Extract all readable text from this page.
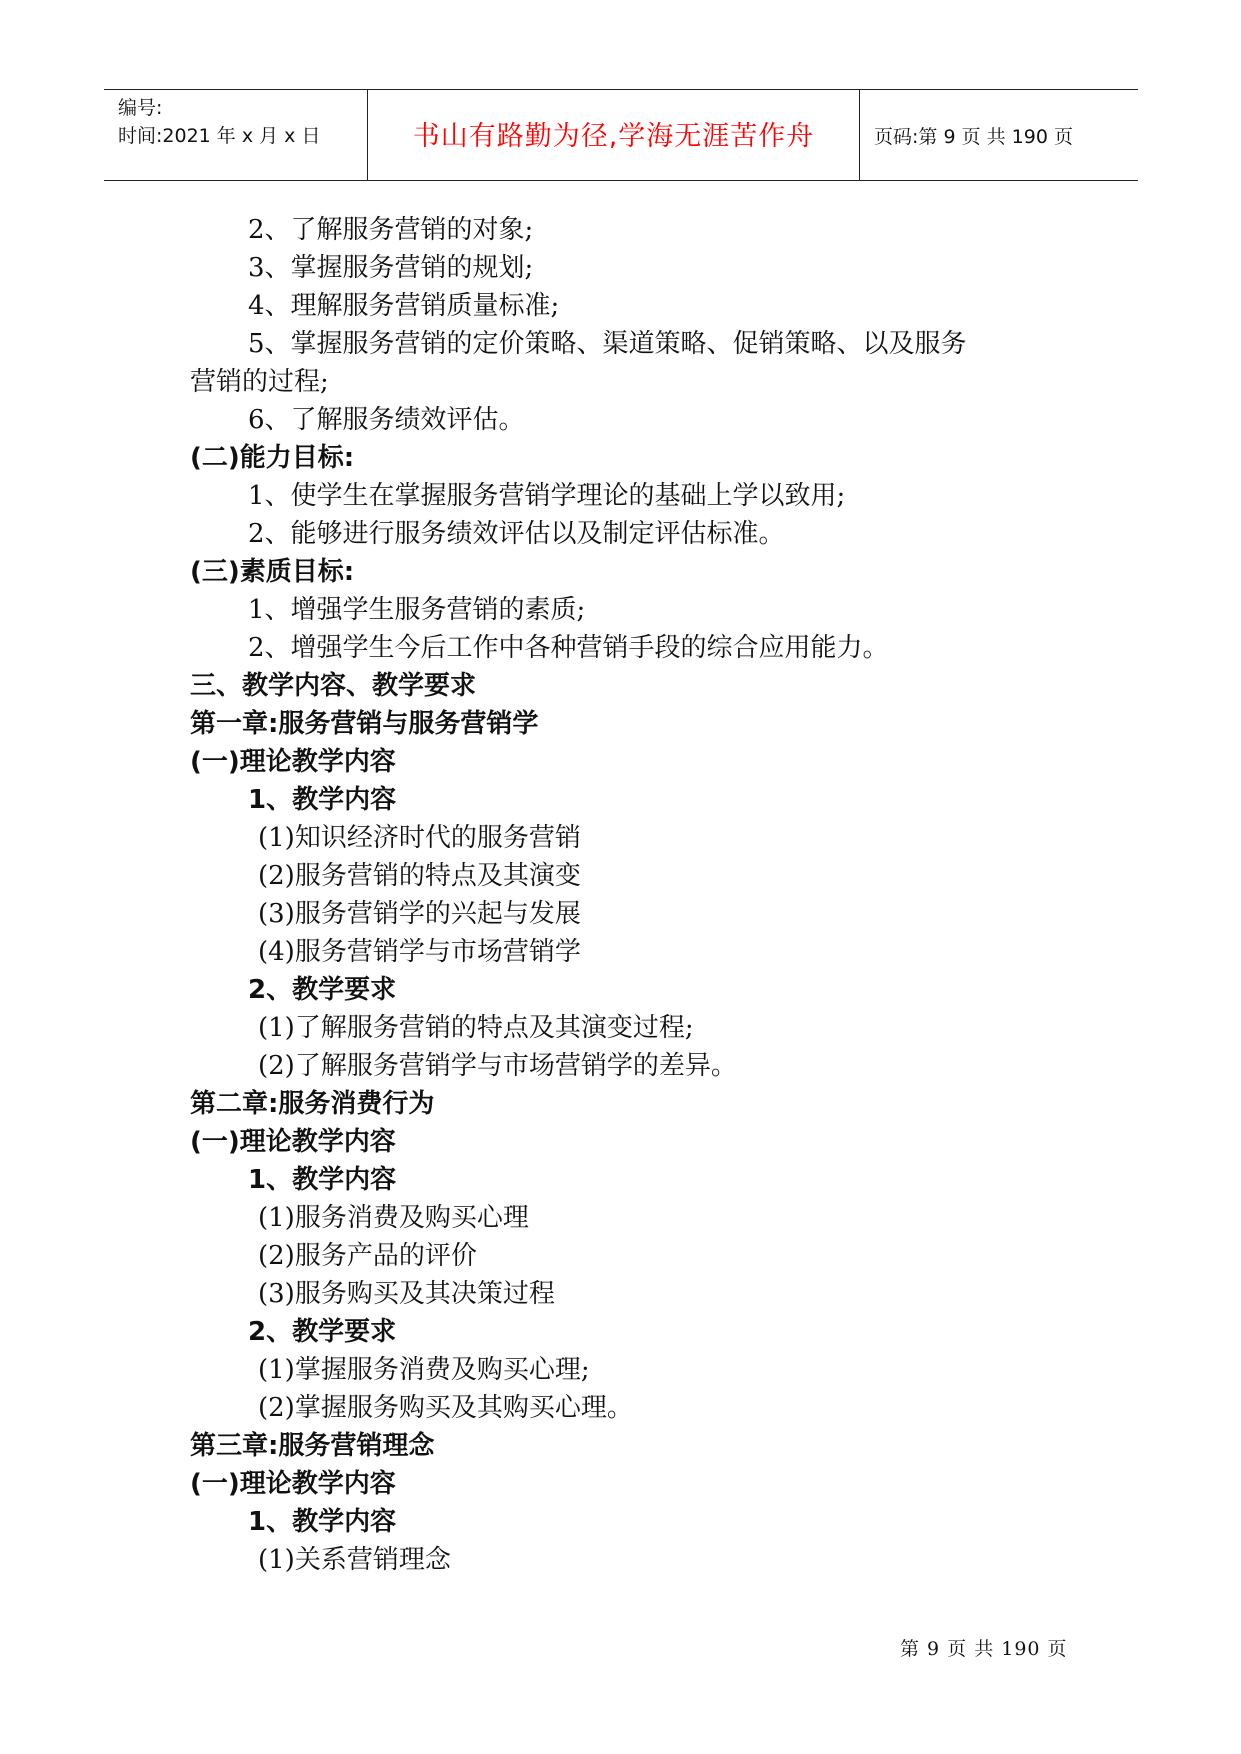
编号:
时间:2021 年 x 月 x 日	书山有路勤为径,学海无涯苦作舟	页码:第 9 页 共 190 页
2、了解服务营销的对象;
3、掌握服务营销的规划;
4、理解服务营销质量标准;
5、掌握服务营销的定价策略、渠道策略、促销策略、以及服务
营销的过程;
6、了解服务绩效评估。
(二)能力目标:
1、使学生在掌握服务营销学理论的基础上学以致用;
2、能够进行服务绩效评估以及制定评估标准。
(三)素质目标:
1、增强学生服务营销的素质;
2、增强学生今后工作中各种营销手段的综合应用能力。
三、教学内容、教学要求
第一章:服务营销与服务营销学
(一)理论教学内容
1、教学内容
(1)知识经济时代的服务营销
(2)服务营销的特点及其演变
(3)服务营销学的兴起与发展
(4)服务营销学与市场营销学
2、教学要求
(1)了解服务营销的特点及其演变过程;
(2)了解服务营销学与市场营销学的差异。
第二章:服务消费行为
(一)理论教学内容
1、教学内容
(1)服务消费及购买心理
(2)服务产品的评价
(3)服务购买及其决策过程
2、教学要求
(1)掌握服务消费及购买心理;
(2)掌握服务购买及其购买心理。
第三章:服务营销理念
(一)理论教学内容
1、教学内容
(1)关系营销理念
第 9 页 共 190 页
